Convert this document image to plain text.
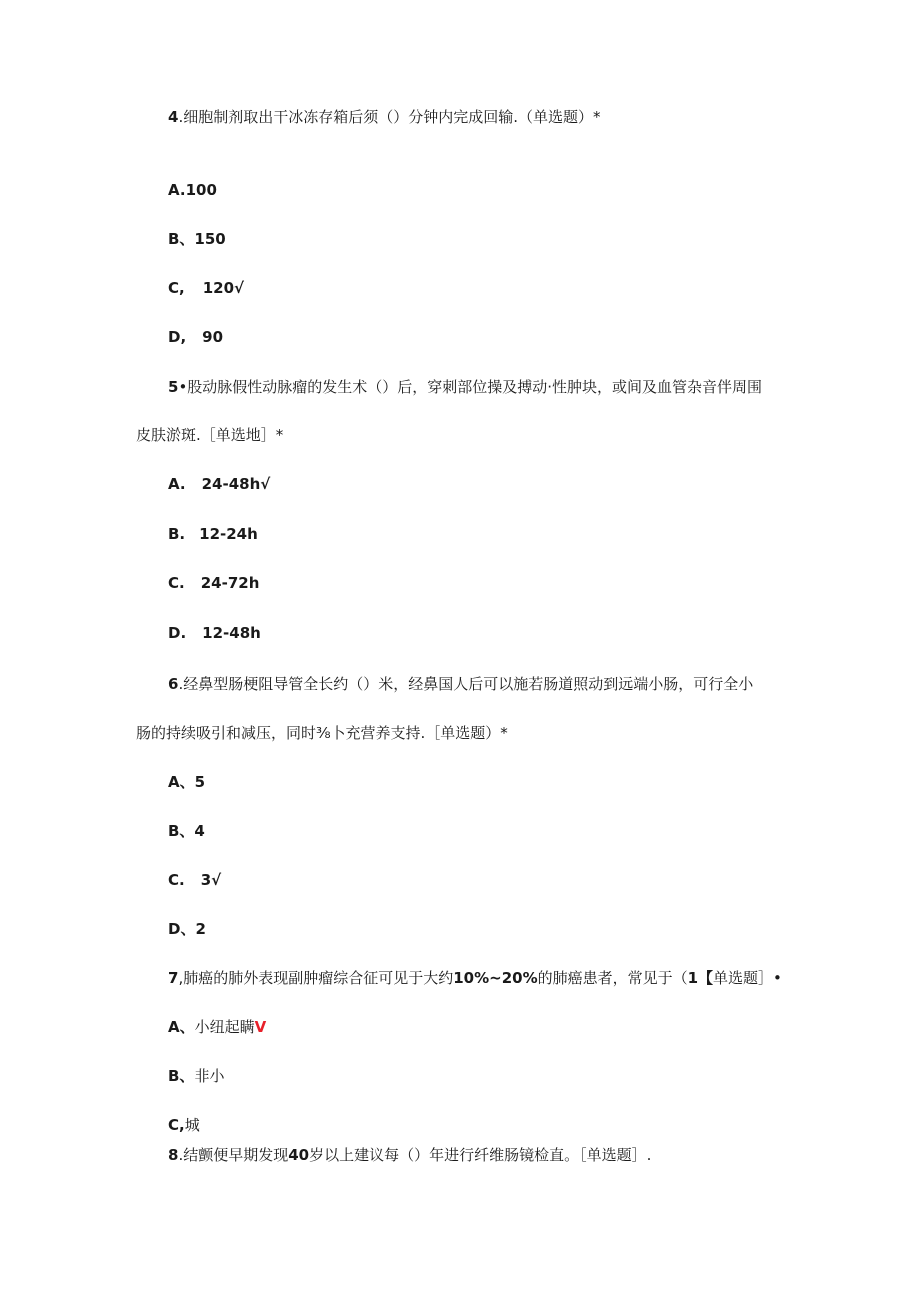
4.细胞制剂取出干冰冻存箱后须（）分钟内完成回输.（单选题）*
A.100
B、150
C, 120√
D, 90
5•股动脉假性动脉瘤的发生术（）后，穿刺部位操及搏动·性肿块，或间及血管杂音伴周围
皮肤淤斑.［单选地］*
A. 24-48h√
B. 12-24h
C. 24-72h
D. 12-48h
6.经鼻型肠梗阻导管全长约（）米，经鼻国人后可以施若肠道照动到远端小肠，可行全小
肠的持续吸引和减压，同时⅜卜充营养支持.［单选题）*
A、5
B、4
C. 3√
D、2
7,肺癌的肺外表现副肿瘤综合征可见于大约10%~20%的肺癌患者，常见于（1【单选题］•
A、小纽起瞒V
B、非小
C,城
8.结颤便早期发现40岁以上建议每（）年进行纤维肠镜检直。［单选题］.
